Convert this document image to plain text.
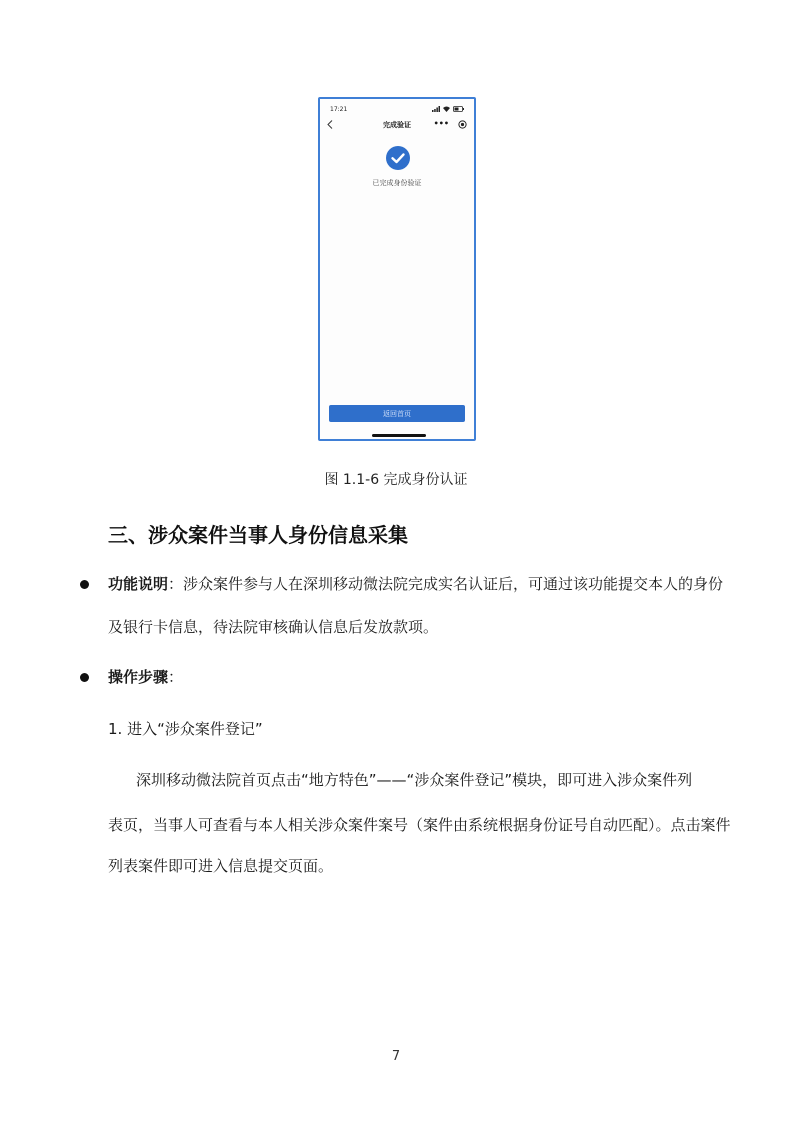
17:21
完成验证	•••
已完成身份验证
返回首页
图 1.1-6 完成身份认证
三、涉众案件当事人身份信息采集
功能说明：涉众案件参与人在深圳移动微法院完成实名认证后，可通过该功能提交本人的身份
及银行卡信息，待法院审核确认信息后发放款项。
操作步骤：
1. 进入“涉众案件登记”
深圳移动微法院首页点击“地方特色”——“涉众案件登记”模块，即可进入涉众案件列
表页，当事人可查看与本人相关涉众案件案号（案件由系统根据身份证号自动匹配）。点击案件
列表案件即可进入信息提交页面。
7
